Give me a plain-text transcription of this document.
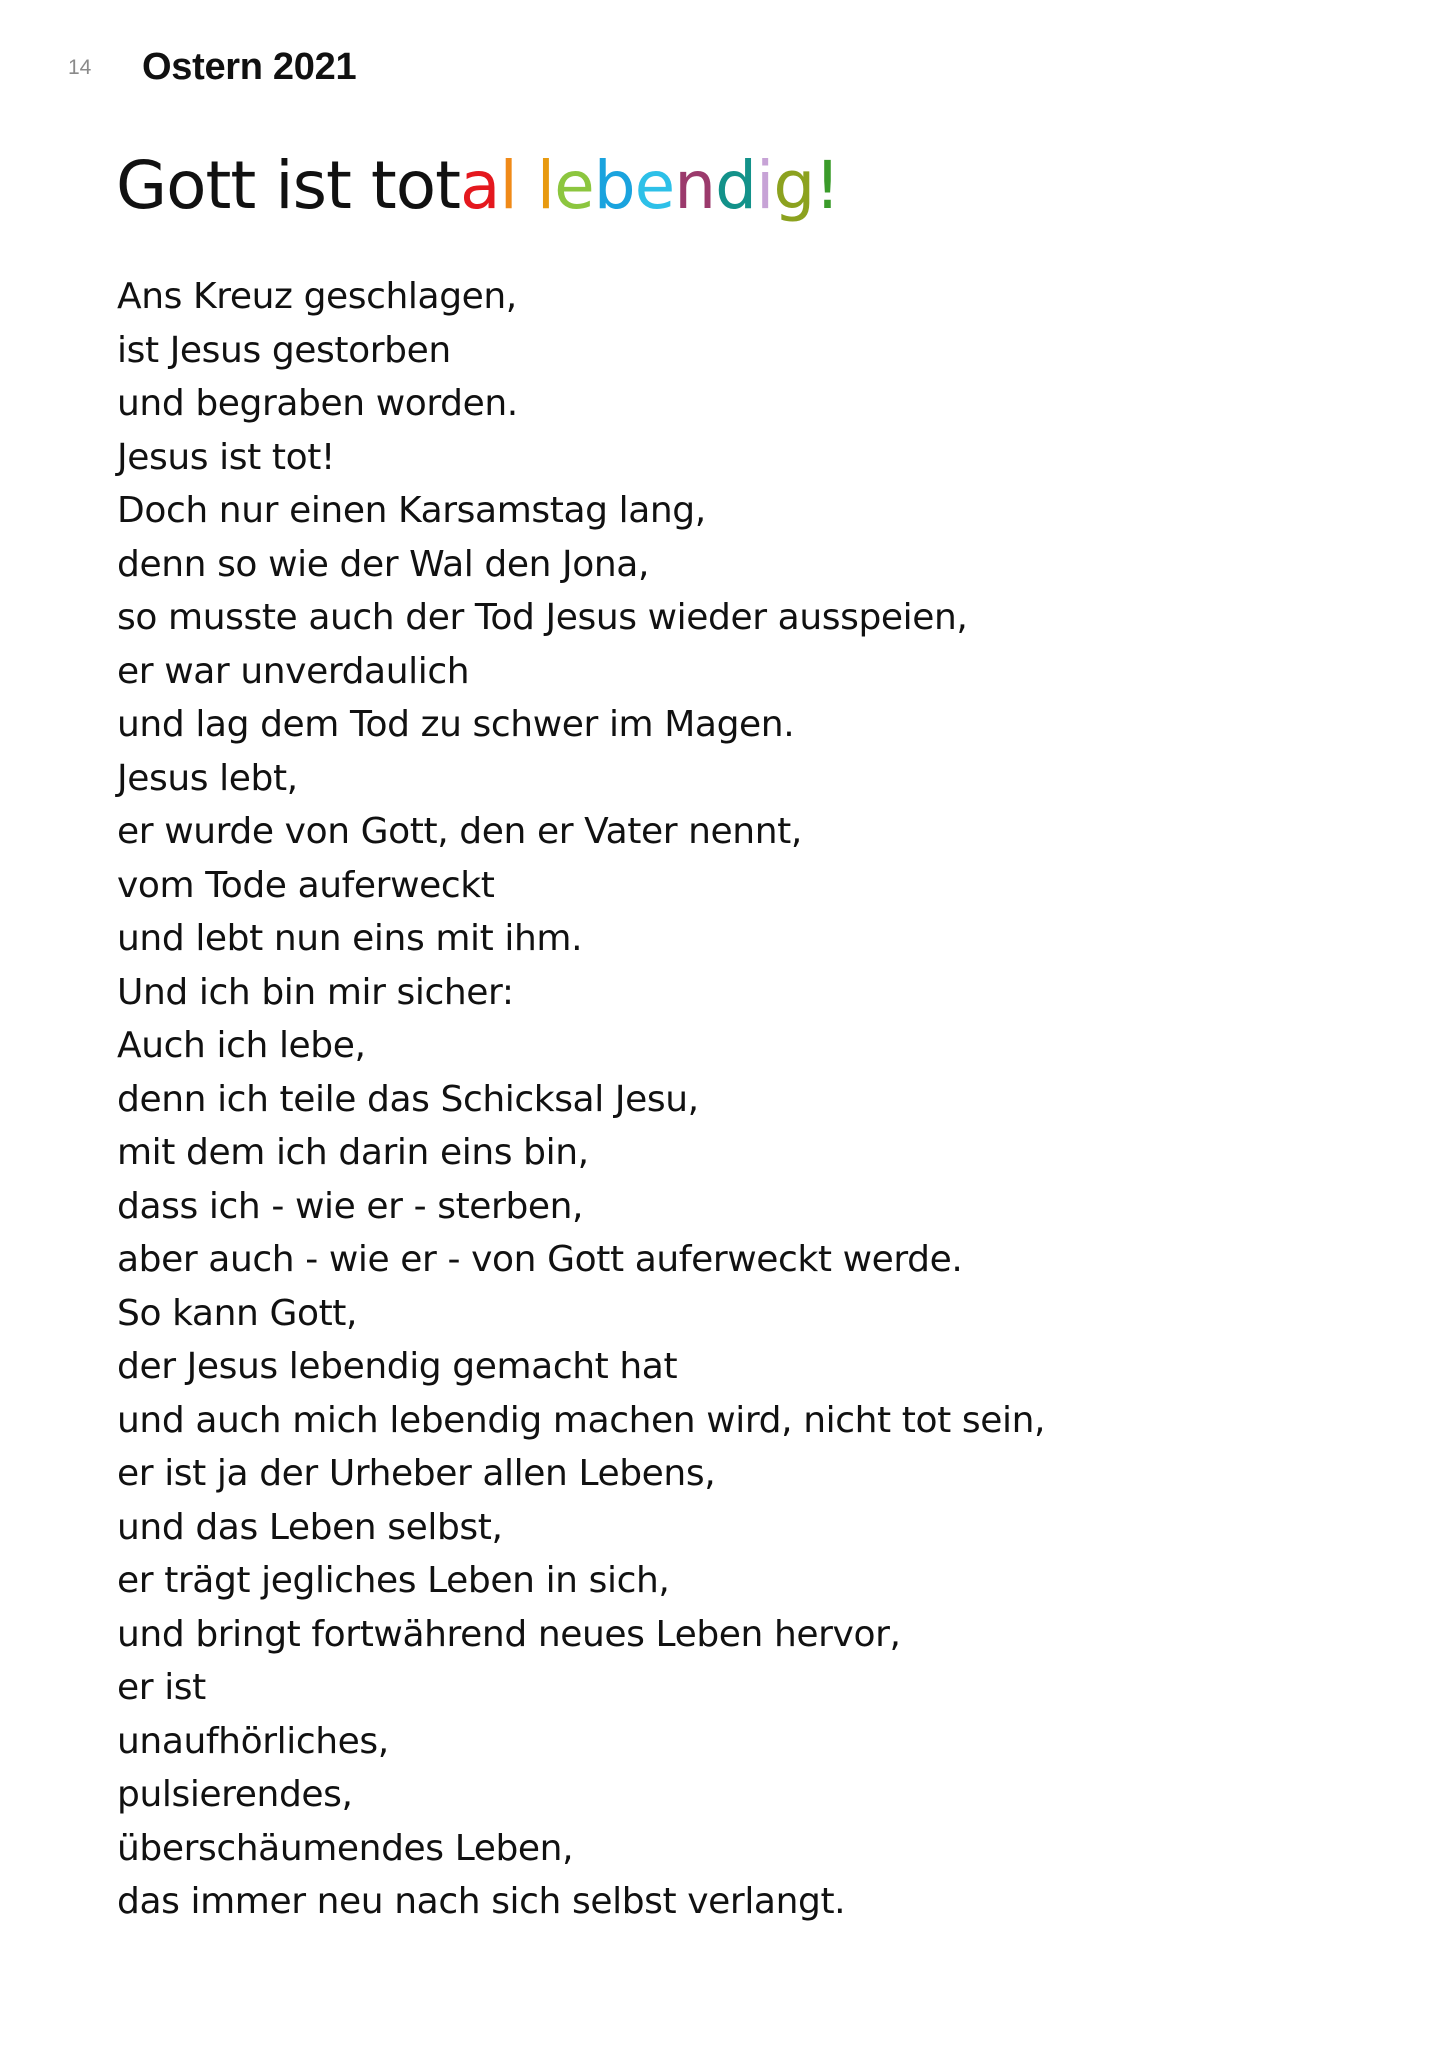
14 Ostern 2021
Gott ist total lebendig!
Ans Kreuz geschlagen,
ist Jesus gestorben
und begraben worden.
Jesus ist tot!
Doch nur einen Karsamstag lang,
denn so wie der Wal den Jona,
so musste auch der Tod Jesus wieder ausspeien,
er war unverdaulich
und lag dem Tod zu schwer im Magen.
Jesus lebt,
er wurde von Gott, den er Vater nennt,
vom Tode auferweckt
und lebt nun eins mit ihm.
Und ich bin mir sicher:
Auch ich lebe,
denn ich teile das Schicksal Jesu,
mit dem ich darin eins bin,
dass ich - wie er - sterben,
aber auch - wie er - von Gott auferweckt werde.
So kann Gott,
der Jesus lebendig gemacht hat
und auch mich lebendig machen wird, nicht tot sein,
er ist ja der Urheber allen Lebens,
und das Leben selbst,
er trägt jegliches Leben in sich,
und bringt fortwährend neues Leben hervor,
er ist
unaufhörliches,
pulsierendes,
überschäumendes Leben,
das immer neu nach sich selbst verlangt.
